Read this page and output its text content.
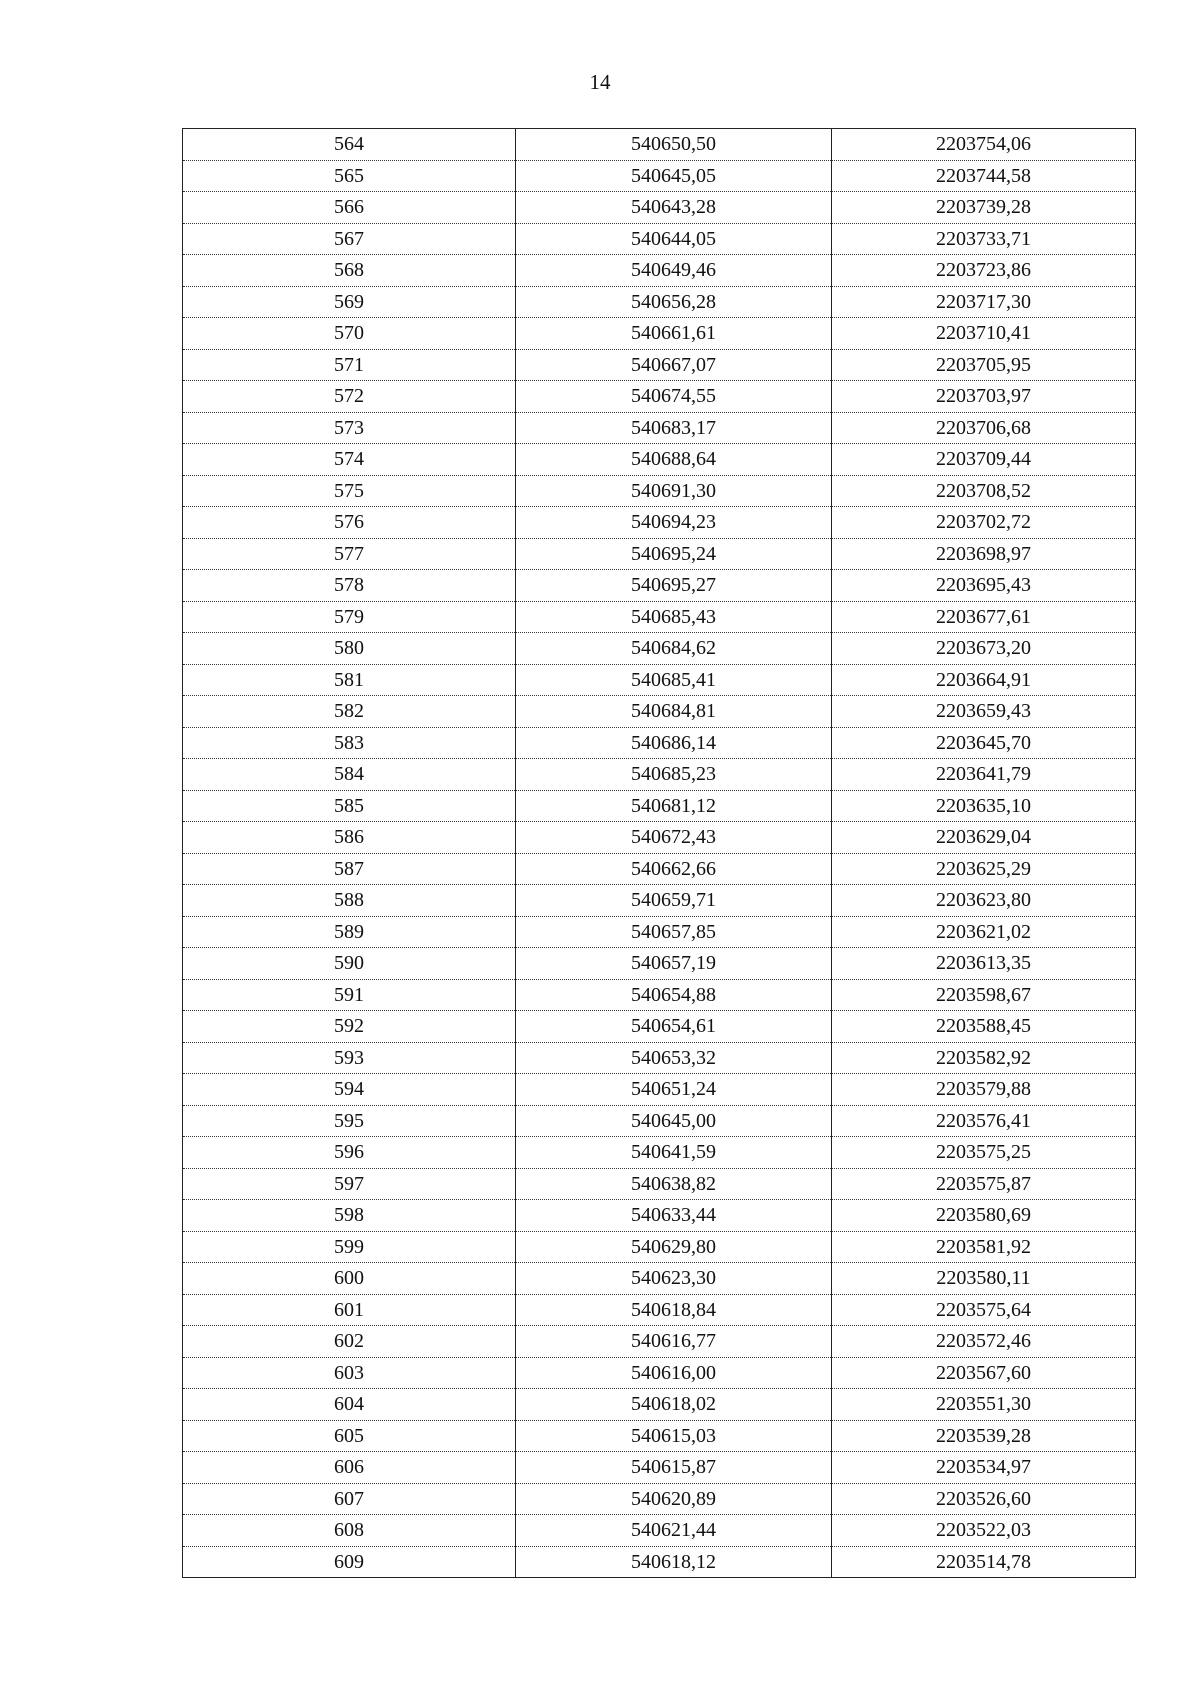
14
564	540650,50	2203754,06
565	540645,05	2203744,58
566	540643,28	2203739,28
567	540644,05	2203733,71
568	540649,46	2203723,86
569	540656,28	2203717,30
570	540661,61	2203710,41
571	540667,07	2203705,95
572	540674,55	2203703,97
573	540683,17	2203706,68
574	540688,64	2203709,44
575	540691,30	2203708,52
576	540694,23	2203702,72
577	540695,24	2203698,97
578	540695,27	2203695,43
579	540685,43	2203677,61
580	540684,62	2203673,20
581	540685,41	2203664,91
582	540684,81	2203659,43
583	540686,14	2203645,70
584	540685,23	2203641,79
585	540681,12	2203635,10
586	540672,43	2203629,04
587	540662,66	2203625,29
588	540659,71	2203623,80
589	540657,85	2203621,02
590	540657,19	2203613,35
591	540654,88	2203598,67
592	540654,61	2203588,45
593	540653,32	2203582,92
594	540651,24	2203579,88
595	540645,00	2203576,41
596	540641,59	2203575,25
597	540638,82	2203575,87
598	540633,44	2203580,69
599	540629,80	2203581,92
600	540623,30	2203580,11
601	540618,84	2203575,64
602	540616,77	2203572,46
603	540616,00	2203567,60
604	540618,02	2203551,30
605	540615,03	2203539,28
606	540615,87	2203534,97
607	540620,89	2203526,60
608	540621,44	2203522,03
609	540618,12	2203514,78
